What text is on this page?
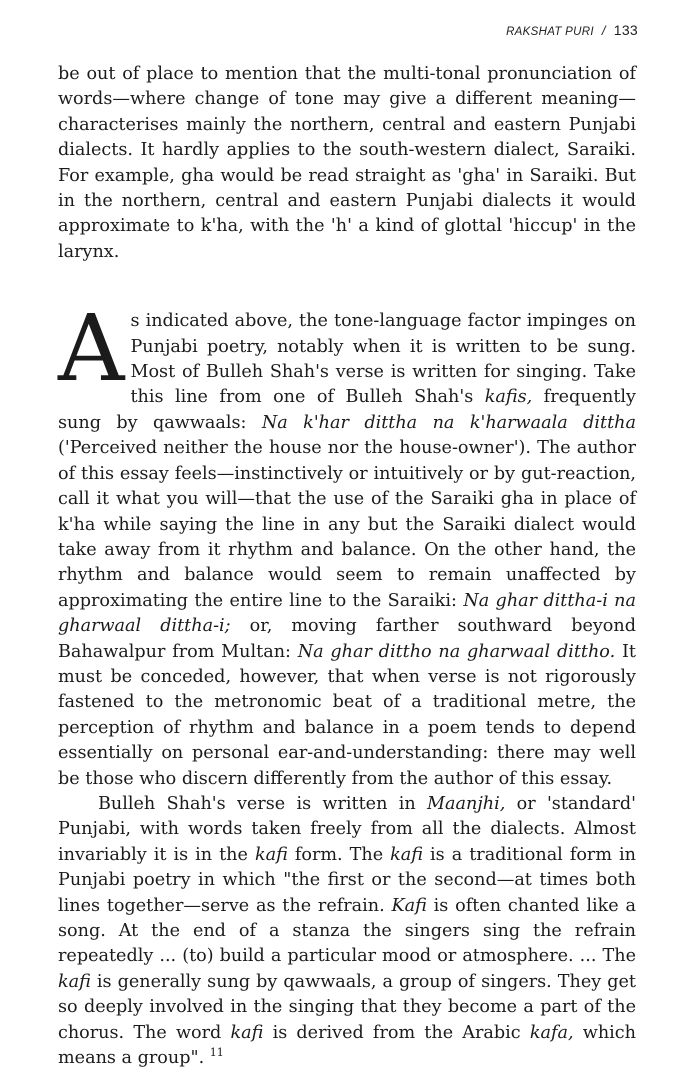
RAKSHAT PURI / 133

be out of place to mention that the multi-tonal pronunciation of words—where change of tone may give a different meaning—characterises mainly the northern, central and eastern Punjabi dialects. It hardly applies to the south-western dialect, Saraiki. For example, gha would be read straight as 'gha' in Saraiki. But in the northern, central and eastern Punjabi dialects it would approximate to k'ha, with the 'h' a kind of glottal 'hiccup' in the larynx.

As indicated above, the tone-language factor impinges on Punjabi poetry, notably when it is written to be sung. Most of Bulleh Shah's verse is written for singing. Take this line from one of Bulleh Shah's kafis, frequently sung by qawwaals: Na k'har dittha na k'harwaala dittha ('Perceived neither the house nor the house-owner'). The author of this essay feels—instinctively or intuitively or by gut-reaction, call it what you will—that the use of the Saraiki gha in place of k'ha while saying the line in any but the Saraiki dialect would take away from it rhythm and balance. On the other hand, the rhythm and balance would seem to remain unaffected by approximating the entire line to the Saraiki: Na ghar dittha-i na gharwaal dittha-i; or, moving farther southward beyond Bahawalpur from Multan: Na ghar dittho na gharwaal dittho. It must be conceded, however, that when verse is not rigorously fastened to the metronomic beat of a traditional metre, the perception of rhythm and balance in a poem tends to depend essentially on personal ear-and-understanding: there may well be those who discern differently from the author of this essay.

Bulleh Shah's verse is written in Maanjhi, or 'standard' Punjabi, with words taken freely from all the dialects. Almost invariably it is in the kafi form. The kafi is a traditional form in Punjabi poetry in which "the first or the second—at times both lines together—serve as the refrain. Kafi is often chanted like a song. At the end of a stanza the singers sing the refrain repeatedly ... (to) build a particular mood or atmosphere. ... The kafi is generally sung by qawwaals, a group of singers. They get so deeply involved in the singing that they become a part of the chorus. The word kafi is derived from the Arabic kafa, which means a group". $^{11}$
